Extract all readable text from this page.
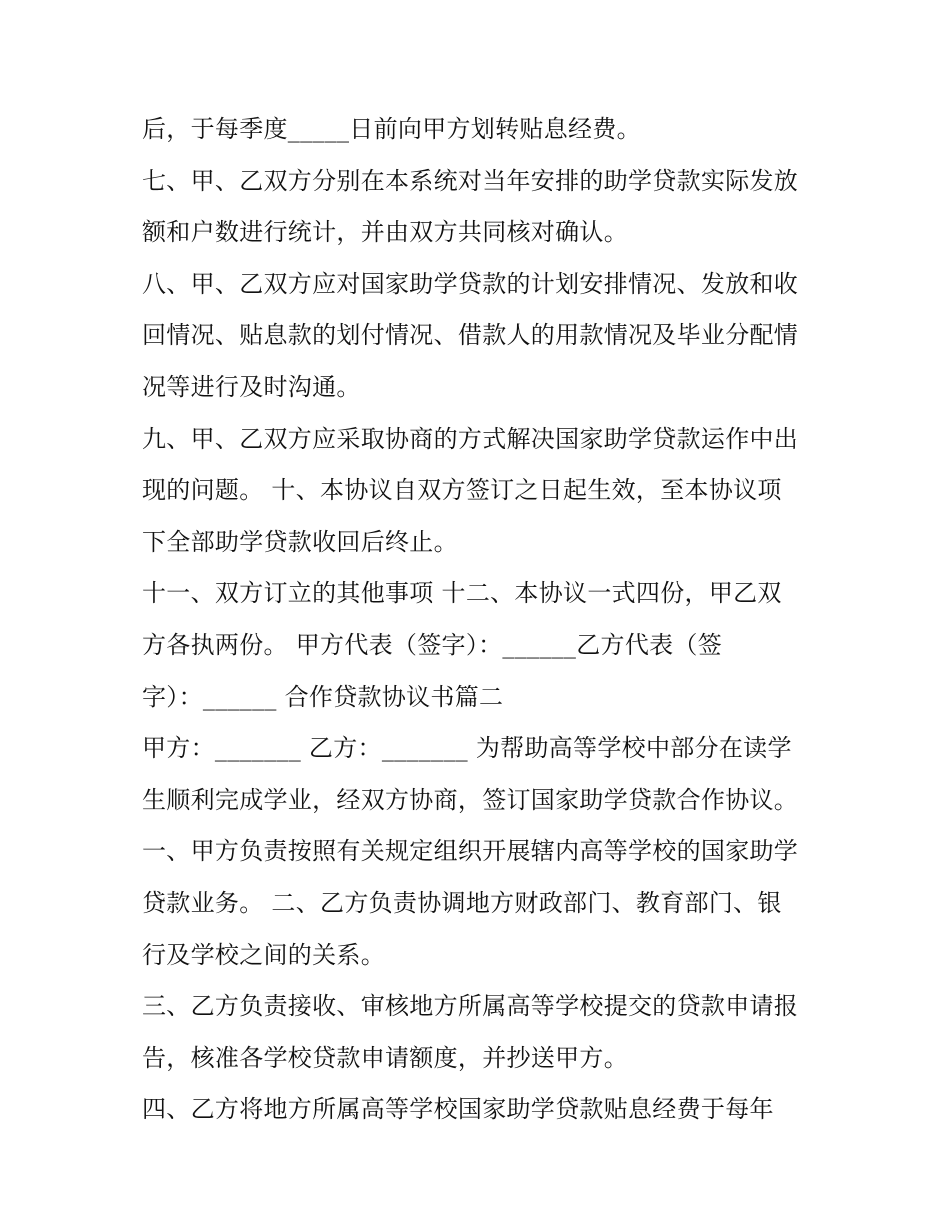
后，于每季度_____日前向甲方划转贴息经费。
七、甲、乙双方分别在本系统对当年安排的助学贷款实际发放
额和户数进行统计，并由双方共同核对确认。
八、甲、乙双方应对国家助学贷款的计划安排情况、发放和收
回情况、贴息款的划付情况、借款人的用款情况及毕业分配情
况等进行及时沟通。
九、甲、乙双方应采取协商的方式解决国家助学贷款运作中出
现的问题。 十、本协议自双方签订之日起生效，至本协议项
下全部助学贷款收回后终止。
十一、双方订立的其他事项 十二、本协议一式四份，甲乙双
方各执两份。 甲方代表（签字）：______乙方代表（签
字）：______ 合作贷款协议书篇二
甲方：_______ 乙方：_______ 为帮助高等学校中部分在读学
生顺利完成学业，经双方协商，签订国家助学贷款合作协议。
一、甲方负责按照有关规定组织开展辖内高等学校的国家助学
贷款业务。 二、乙方负责协调地方财政部门、教育部门、银
行及学校之间的关系。
三、乙方负责接收、审核地方所属高等学校提交的贷款申请报
告，核准各学校贷款申请额度，并抄送甲方。
四、乙方将地方所属高等学校国家助学贷款贴息经费于每年
